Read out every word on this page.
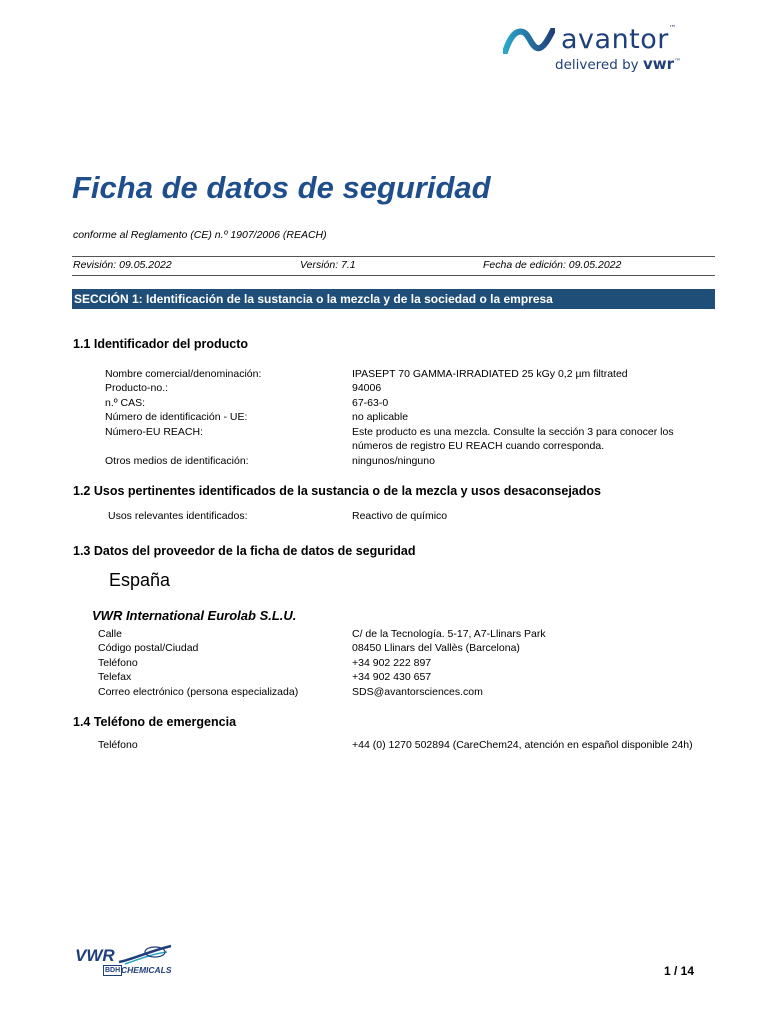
avantor™
delivered by vwr™
Ficha de datos de seguridad
conforme al Reglamento (CE) n.º 1907/2006 (REACH)
Revisión: 09.05.2022	Versión: 7.1	Fecha de edición: 09.05.2022
SECCIÓN 1: Identificación de la sustancia o la mezcla y de la sociedad o la empresa
1.1 Identificador del producto
Nombre comercial/denominación:	IPASEPT 70 GAMMA-IRRADIATED 25 kGy 0,2 µm filtrated
Producto-no.:	94006
n.º CAS:	67-63-0
Número de identificación - UE:	no aplicable
Número-EU REACH:	Este producto es una mezcla. Consulte la sección 3 para conocer los
números de registro EU REACH cuando corresponda.
Otros medios de identificación:	ningunos/ninguno
1.2 Usos pertinentes identificados de la sustancia o de la mezcla y usos desaconsejados
Usos relevantes identificados:	Reactivo de químico
1.3 Datos del proveedor de la ficha de datos de seguridad
España
VWR International Eurolab S.L.U.
Calle	C/ de la Tecnología. 5-17, A7-Llinars Park
Código postal/Ciudad	08450 Llinars del Vallès (Barcelona)
Teléfono	+34 902 222 897
Telefax	+34 902 430 657
Correo electrónico (persona especializada)	SDS@avantorsciences.com
1.4 Teléfono de emergencia
Teléfono	+44 (0) 1270 502894 (CareChem24, atención en español disponible 24h)
VWR
BDH CHEMICALS	1 / 14
